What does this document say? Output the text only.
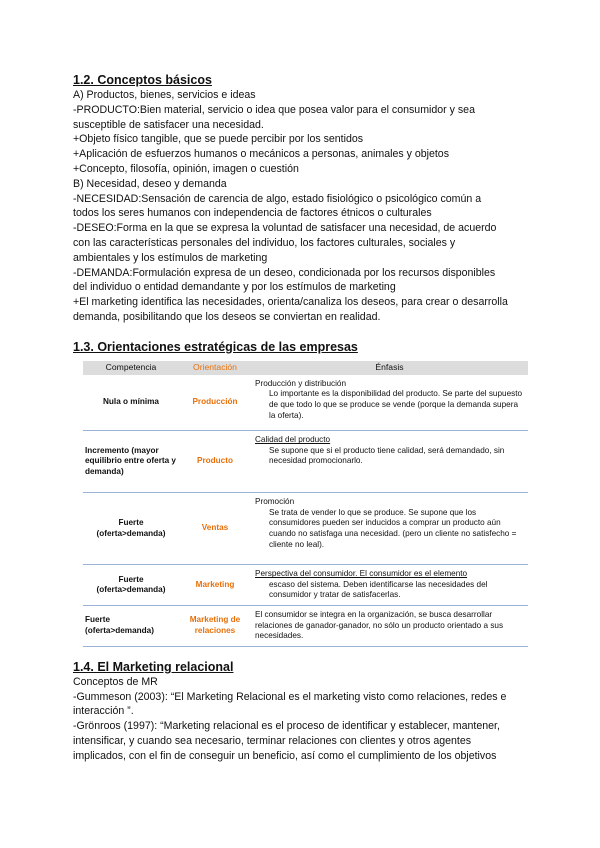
1.2. Conceptos básicos

A) Productos, bienes, servicios e ideas

-PRODUCTO:Bien material, servicio o idea que posea valor para el consumidor y sea

susceptible de satisfacer una necesidad.

+Objeto físico tangible, que se puede percibir por los sentidos

+Aplicación de esfuerzos humanos o mecánicos a personas, animales y objetos

+Concepto, filosofía, opinión, imagen o cuestión

B) Necesidad, deseo y demanda

-NECESIDAD:Sensación de carencia de algo, estado fisiológico o psicológico común a

todos los seres humanos con independencia de factores étnicos o culturales

-DESEO:Forma en la que se expresa la voluntad de satisfacer una necesidad, de acuerdo

con las características personales del individuo, los factores culturales, sociales y

ambientales y los estímulos de marketing

-DEMANDA:Formulación expresa de un deseo, condicionada por los recursos disponibles

del individuo o entidad demandante y por los estímulos de marketing

+El marketing identifica las necesidades, orienta/canaliza los deseos, para crear o desarrolla

demanda, posibilitando que los deseos se conviertan en realidad.

1.3. Orientaciones estratégicas de las empresas
Competencia	Orientación	Énfasis
Nula o mínima	Producción	Producción y distribución
Lo importante es la disponibilidad del producto. Se parte del supuesto de que todo lo que se produce se vende (porque la demanda supera la oferta).

Incremento (mayor equilibrio entre oferta y demanda)	Producto	Calidad del producto
Se supone que si el producto tiene calidad, será demandado, sin necesidad promocionarlo.

Fuerte (oferta>demanda)	Ventas	Promoción
Se trata de vender lo que se produce. Se supone que los consumidores pueden ser inducidos a comprar un producto aún cuando no satisfaga una necesidad. (pero un cliente no satisfecho = cliente no leal).

Fuerte (oferta>demanda)	Marketing	Perspectiva del consumidor. El consumidor es el elemento
escaso del sistema. Deben identificarse las necesidades del consumidor y tratar de satisfacerlas.

Fuerte (oferta>demanda)	Marketing de relaciones	El consumidor se integra en la organización, se busca desarrollar relaciones de ganador-ganador, no sólo un producto orientado a sus necesidades.
1.4. El Marketing relacional

Conceptos de MR

-Gummeson (2003): “El Marketing Relacional es el marketing visto como relaciones, redes e

interacción ”.

-Grönroos (1997): “Marketing relacional es el proceso de identificar y establecer, mantener,

intensificar, y cuando sea necesario, terminar relaciones con clientes y otros agentes

implicados, con el fin de conseguir un beneficio, así como el cumplimiento de los objetivos
